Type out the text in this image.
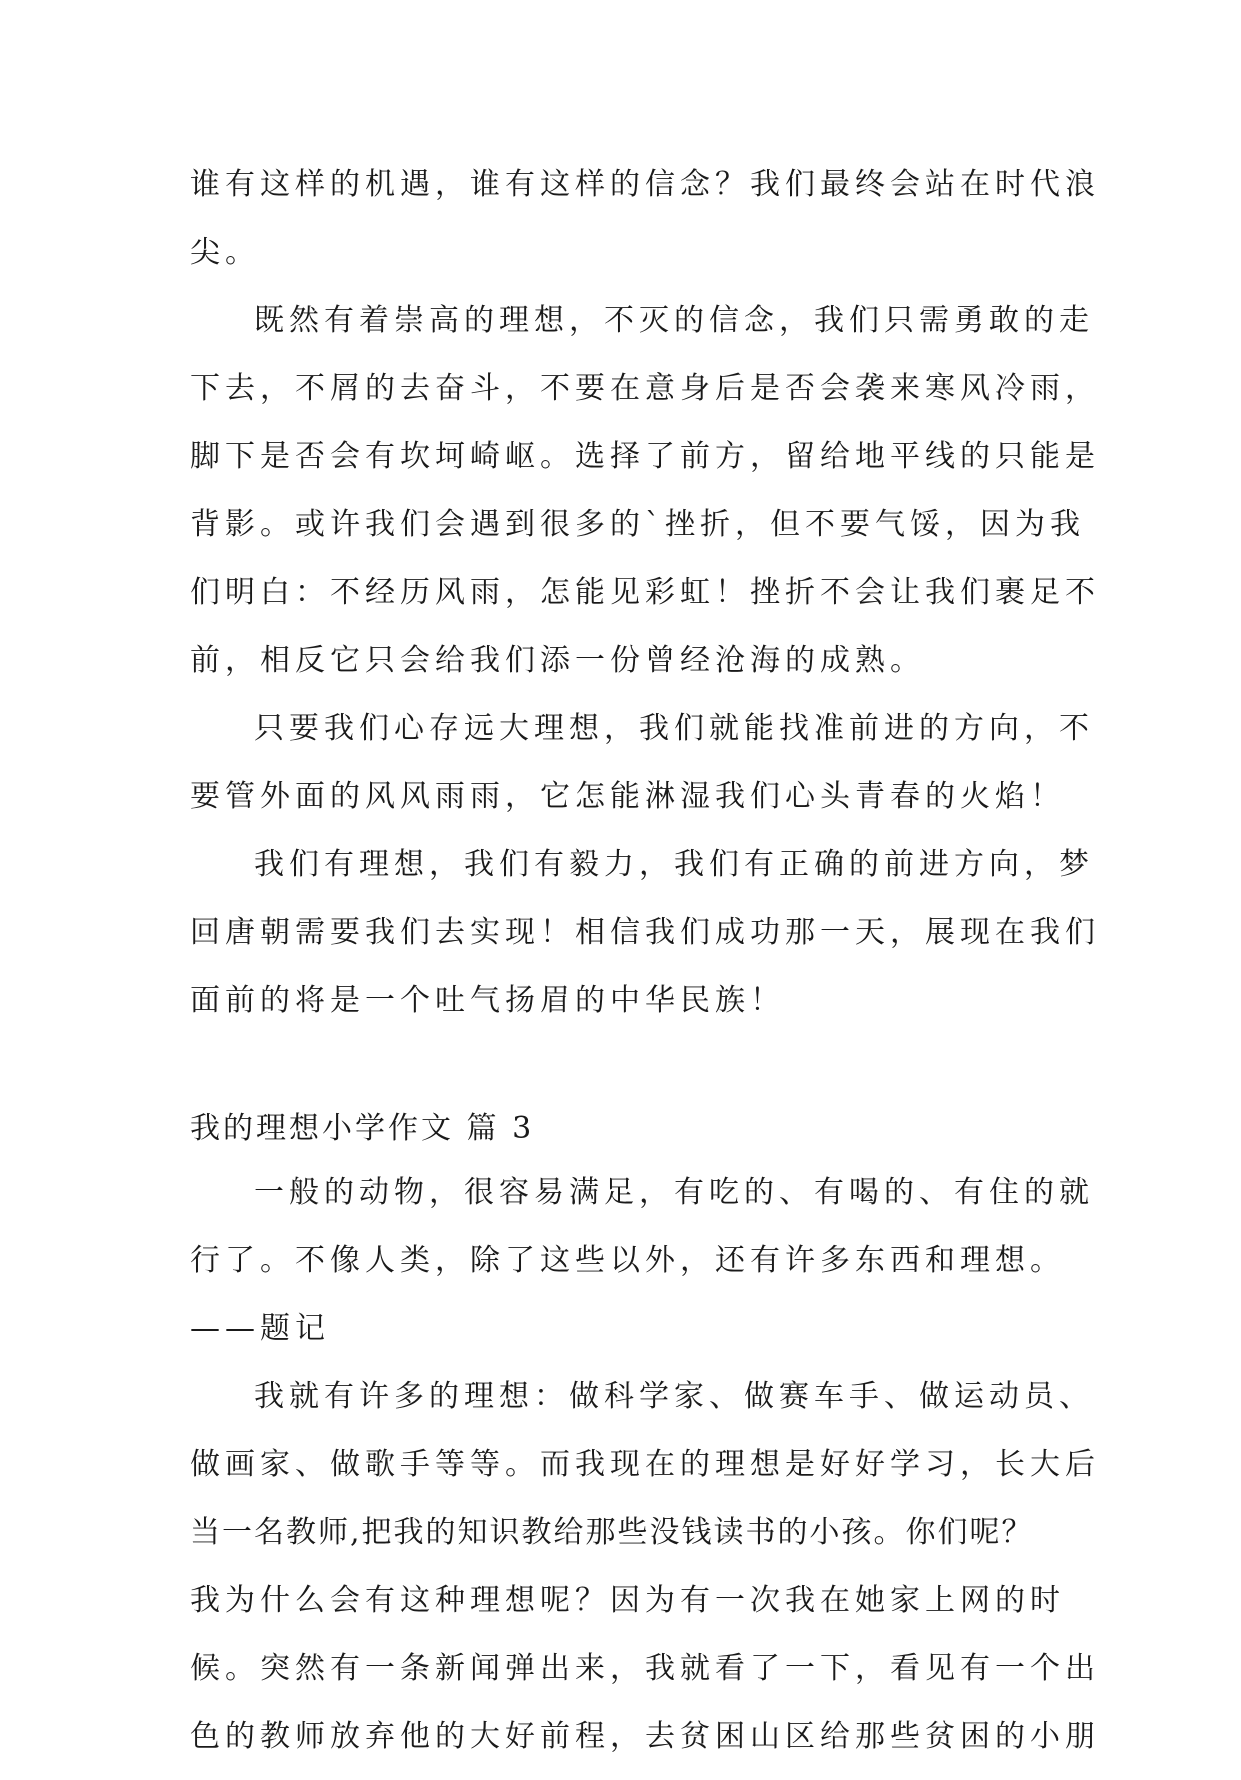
谁有这样的机遇，谁有这样的信念？我们最终会站在时代浪
尖。
既然有着崇高的理想，不灭的信念，我们只需勇敢的走
下去，不屑的去奋斗，不要在意身后是否会袭来寒风冷雨，
脚下是否会有坎坷崎岖。选择了前方，留给地平线的只能是
背影。或许我们会遇到很多的`挫折，但不要气馁，因为我
们明白：不经历风雨，怎能见彩虹！挫折不会让我们裹足不
前，相反它只会给我们添一份曾经沧海的成熟。
只要我们心存远大理想，我们就能找准前进的方向，不
要管外面的风风雨雨，它怎能淋湿我们心头青春的火焰！
我们有理想，我们有毅力，我们有正确的前进方向，梦
回唐朝需要我们去实现！相信我们成功那一天，展现在我们
面前的将是一个吐气扬眉的中华民族！
我的理想小学作文 篇 3
一般的动物，很容易满足，有吃的、有喝的、有住的就
行了。不像人类，除了这些以外，还有许多东西和理想。
——题记
我就有许多的理想：做科学家、做赛车手、做运动员、
做画家、做歌手等等。而我现在的理想是好好学习，长大后
当一名教师,把我的知识教给那些没钱读书的小孩。你们呢？
我为什么会有这种理想呢？因为有一次我在她家上网的时
候。突然有一条新闻弹出来，我就看了一下，看见有一个出
色的教师放弃他的大好前程，去贫困山区给那些贫困的小朋
